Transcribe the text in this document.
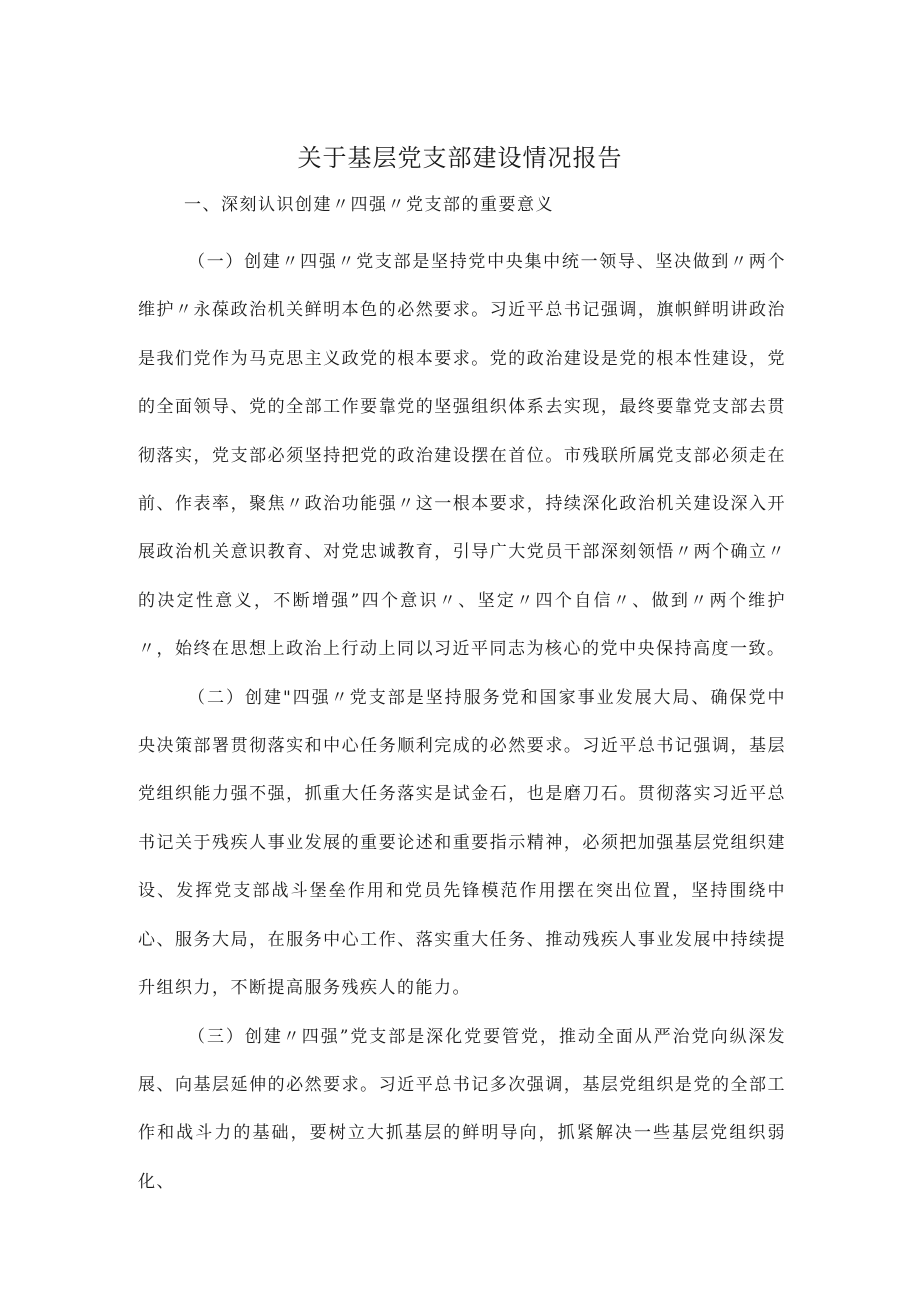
关于基层党支部建设情况报告

一、深刻认识创建〃四强〃党支部的重要意义

（一）创建〃四强〃党支部是坚持党中央集中统一领导、坚决做到〃两个维护〃永葆政治机关鲜明本色的必然要求。习近平总书记强调，旗帜鲜明讲政治是我们党作为马克思主义政党的根本要求。党的政治建设是党的根本性建设，党的全面领导、党的全部工作要靠党的坚强组织体系去实现，最终要靠党支部去贯彻落实，党支部必须坚持把党的政治建设摆在首位。市残联所属党支部必须走在前、作表率，聚焦〃政治功能强〃这一根本要求，持续深化政治机关建设深入开展政治机关意识教育、对党忠诚教育，引导广大党员干部深刻领悟〃两个确立〃的决定性意义，不断增强”四个意识〃、坚定〃四个自信〃、做到〃两个维护〃，始终在思想上政治上行动上同以习近平同志为核心的党中央保持高度一致。

（二）创建"四强〃党支部是坚持服务党和国家事业发展大局、确保党中央决策部署贯彻落实和中心任务顺利完成的必然要求。习近平总书记强调，基层党组织能力强不强，抓重大任务落实是试金石，也是磨刀石。贯彻落实习近平总书记关于残疾人事业发展的重要论述和重要指示精神，必须把加强基层党组织建设、发挥党支部战斗堡垒作用和党员先锋模范作用摆在突出位置，坚持围绕中心、服务大局，在服务中心工作、落实重大任务、推动残疾人事业发展中持续提升组织力，不断提高服务残疾人的能力。

（三）创建〃四强”党支部是深化党要管党，推动全面从严治党向纵深发展、向基层延伸的必然要求。习近平总书记多次强调，基层党组织是党的全部工作和战斗力的基础，要树立大抓基层的鲜明导向，抓紧解决一些基层党组织弱化、
